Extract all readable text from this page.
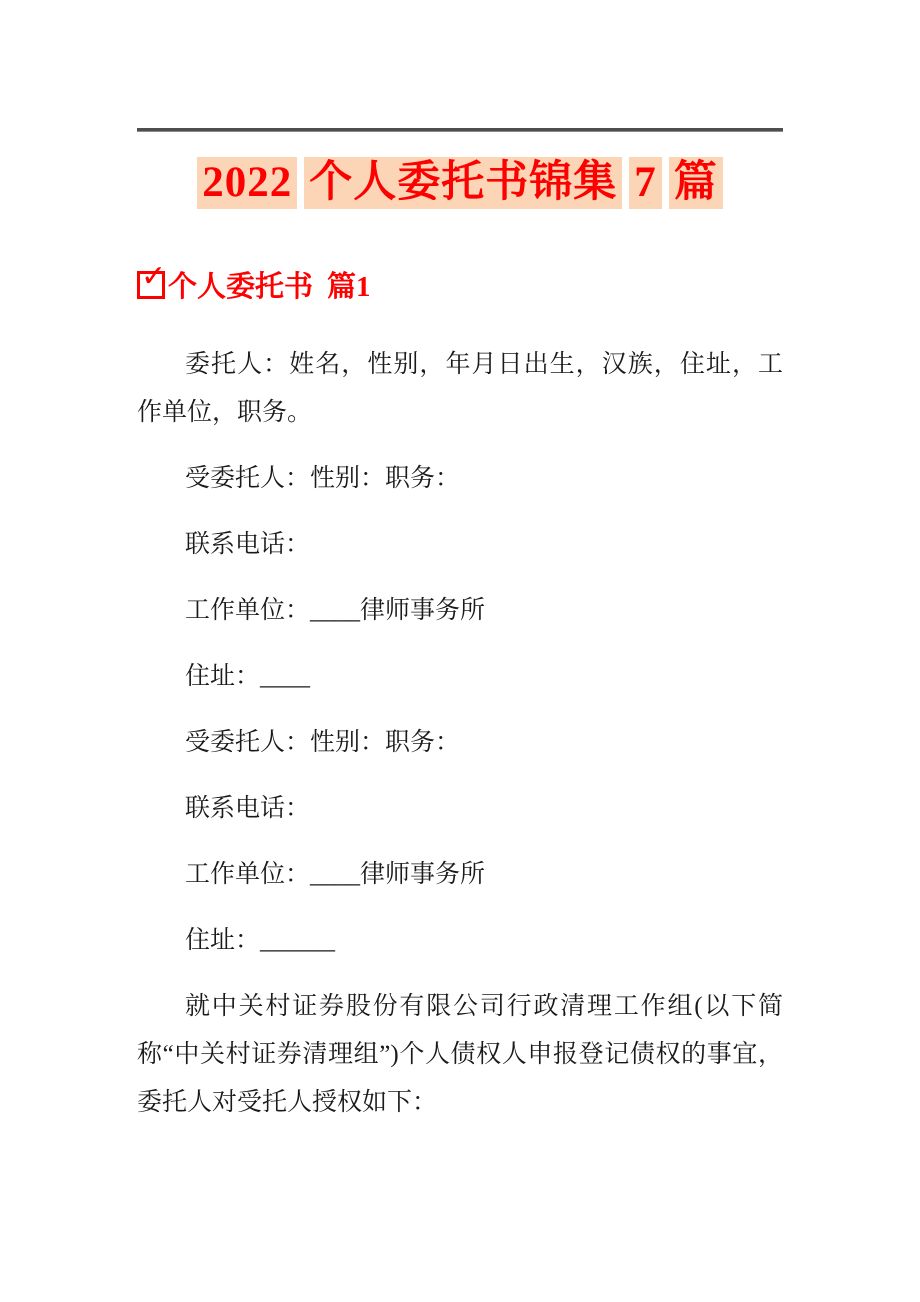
2022 个人委托书锦集 7 篇
✓ 个人委托书 篇1

委托人：姓名，性别，年月日出生，汉族，住址，工作单位，职务。

受委托人：性别：职务：

联系电话：

工作单位：____律师事务所

住址：____

受委托人：性别：职务：

联系电话：

工作单位：____律师事务所

住址：______

就中关村证券股份有限公司行政清理工作组(以下简称“中关村证券清理组”)个人债权人申报登记债权的事宜，委托人对受托人授权如下：
